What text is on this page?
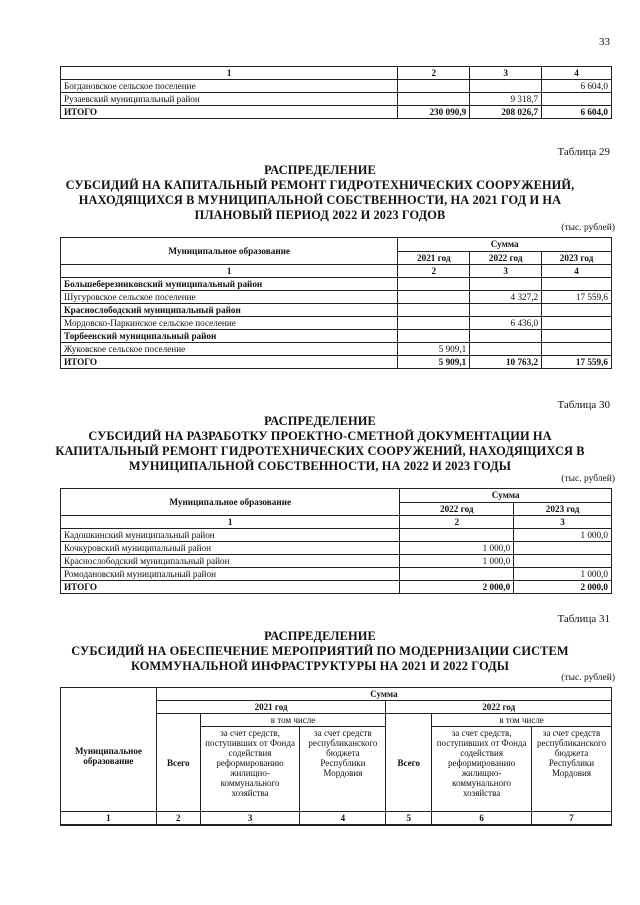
33
1	2	3	4
Богдановское сельское поселение			6 604,0
Рузаевский муниципальный район		9 318,7	
ИТОГО	230 090,9	208 026,7	6 604,0
Таблица 29
РАСПРЕДЕЛЕНИЕ
СУБСИДИЙ НА КАПИТАЛЬНЫЙ РЕМОНТ ГИДРОТЕХНИЧЕСКИХ СООРУЖЕНИЙ,
НАХОДЯЩИХСЯ В МУНИЦИПАЛЬНОЙ СОБСТВЕННОСТИ, НА 2021 ГОД И НА
ПЛАНОВЫЙ ПЕРИОД 2022 И 2023 ГОДОВ
(тыс. рублей)
Муниципальное образование	Сумма		
	2021 год	2022 год	2023 год
1	2	3	4
Большеберезниковский муниципальный район			
Шугуровское сельское поселение		4 327,2	17 559,6
Краснослободский муниципальный район			
Мордовско-Паркинское сельское поселение		6 436,0	
Торбеевский муниципальный район			
Жуковское сельское поселение	5 909,1		
ИТОГО	5 909,1	10 763,2	17 559,6
Таблица 30
РАСПРЕДЕЛЕНИЕ
СУБСИДИЙ НА РАЗРАБОТКУ ПРОЕКТНО-СМЕТНОЙ ДОКУМЕНТАЦИИ НА
КАПИТАЛЬНЫЙ РЕМОНТ ГИДРОТЕХНИЧЕСКИХ СООРУЖЕНИЙ, НАХОДЯЩИХСЯ В
МУНИЦИПАЛЬНОЙ СОБСТВЕННОСТИ, НА 2022 И 2023 ГОДЫ
(тыс. рублей)
Муниципальное образование	Сумма	
	2022 год	2023 год
1	2	3
Кадошкинский муниципальный район		1 000,0
Кочкуровский муниципальный район	1 000,0	
Краснослободский муниципальный район	1 000,0	
Ромодановский муниципальный район		1 000,0
ИТОГО	2 000,0	2 000,0
Таблица 31
РАСПРЕДЕЛЕНИЕ
СУБСИДИЙ НА ОБЕСПЕЧЕНИЕ МЕРОПРИЯТИЙ ПО МОДЕРНИЗАЦИИ СИСТЕМ
КОММУНАЛЬНОЙ ИНФРАСТРУКТУРЫ НА 2021 И 2022 ГОДЫ
(тыс. рублей)
	Сумма					
Муниципальное образование	2021 год			2022 год		
	Всего	в том числе		Всего	в том числе	
		за счет средств, поступивших от Фонда содействия реформированию жилищно-коммунального хозяйства	за счет средств республиканского бюджета Республики Мордовия		за счет средств, поступивших от Фонда содействия реформированию жилищно-коммунального хозяйства	за счет средств республиканского бюджета Республики Мордовия
1	2	3	4	5	6	7
